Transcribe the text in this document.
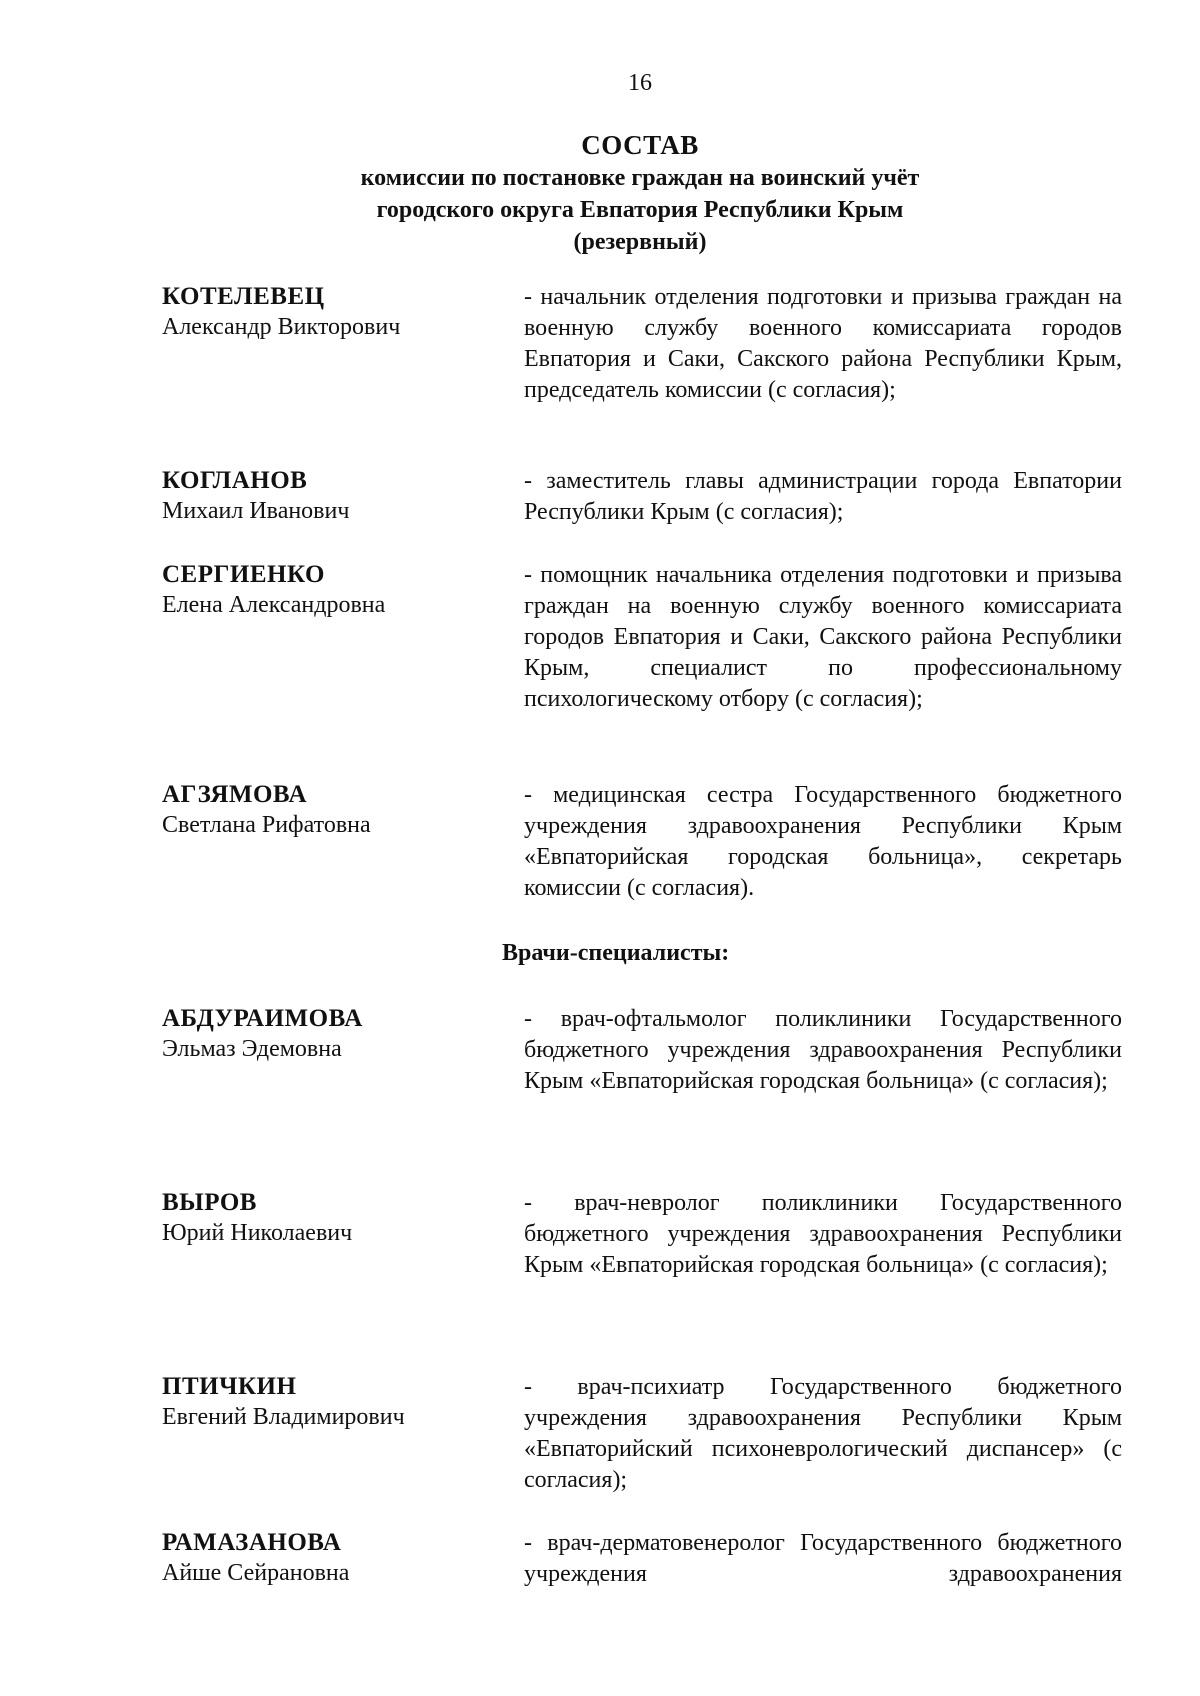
16
СОСТАВ
комиссии по постановке граждан на воинский учёт
городского округа Евпатория Республики Крым
(резервный)
КОТЕЛЕВЕЦ
Александр Викторович
- начальник отделения подготовки и призыва граждан на военную службу военного комиссариата городов Евпатория и Саки, Сакского района Республики Крым, председатель комиссии (с согласия);
КОГЛАНОВ
Михаил Иванович
- заместитель главы администрации города Евпатории Республики Крым (с согласия);
СЕРГИЕНКО
Елена Александровна
- помощник начальника отделения подготовки и призыва граждан на военную службу военного комиссариата городов Евпатория и Саки, Сакского района Республики Крым, специалист по профессиональному психологическому отбору (с согласия);
АГЗЯМОВА
Светлана Рифатовна
- медицинская сестра Государственного бюджетного учреждения здравоохранения Республики Крым «Евпаторийская городская больница», секретарь комиссии (с согласия).
Врачи-специалисты:
АБДУРАИМОВА
Эльмаз Эдемовна
- врач-офтальмолог поликлиники Государственного бюджетного учреждения здравоохранения Республики Крым «Евпаторийская городская больница» (с согласия);
ВЫРОВ
Юрий Николаевич
- врач-невролог поликлиники Государственного бюджетного учреждения здравоохранения Республики Крым «Евпаторийская городская больница» (с согласия);
ПТИЧКИН
Евгений Владимирович
- врач-психиатр Государственного бюджетного учреждения здравоохранения Республики Крым «Евпаторийский психоневрологический диспансер» (с согласия);
РАМАЗАНОВА
Айше Сейрановна
- врач-дерматовенеролог Государственного бюджетного учреждения здравоохранения
